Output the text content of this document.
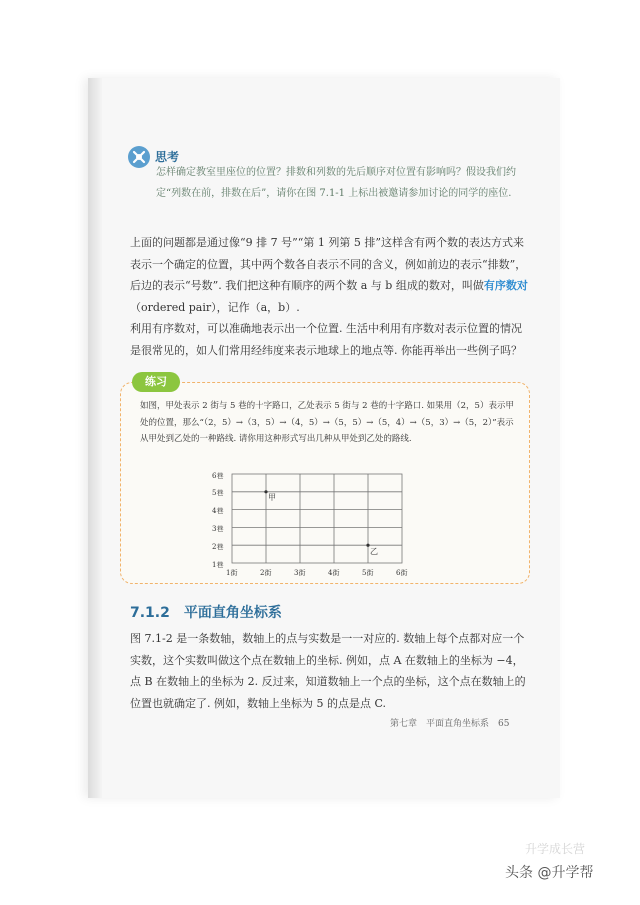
思考
怎样确定教室里座位的位置？排数和列数的先后顺序对位置有影响吗？假设我们约定“列数在前，排数在后”，请你在图 7.1-1 上标出被邀请参加讨论的同学的座位.
上面的问题都是通过像“9 排 7 号”“第 1 列第 5 排”这样含有两个数的表达方式来表示一个确定的位置，其中两个数各自表示不同的含义，例如前边的表示“排数”，后边的表示“号数”. 我们把这种有顺序的两个数 a 与 b 组成的数对，叫做有序数对（ordered pair），记作（a，b）.
利用有序数对，可以准确地表示出一个位置. 生活中利用有序数对表示位置的情况是很常见的，如人们常用经纬度来表示地球上的地点等. 你能再举出一些例子吗？
练习
如图，甲处表示 2 街与 5 巷的十字路口，乙处表示 5 街与 2 巷的十字路口. 如果用（2，5）表示甲处的位置，那么“（2，5）→（3，5）→（4，5）→（5，5）→（5，4）→（5，3）→（5，2）”表示从甲处到乙处的一种路线. 请你用这种形式写出几种从甲处到乙处的路线.
甲
乙
1巷
2巷
3巷
4巷
5巷
6巷
1街	2街	3街	4街	5街	6街
7.1.2　平面直角坐标系
图 7.1-2 是一条数轴，数轴上的点与实数是一一对应的. 数轴上每个点都对应一个实数，这个实数叫做这个点在数轴上的坐标. 例如，点 A 在数轴上的坐标为 −4，点 B 在数轴上的坐标为 2. 反过来，知道数轴上一个点的坐标，这个点在数轴上的位置也就确定了. 例如，数轴上坐标为 5 的点是点 C.
第七章　平面直角坐标系　65
升学成长营
头条 @升学帮
